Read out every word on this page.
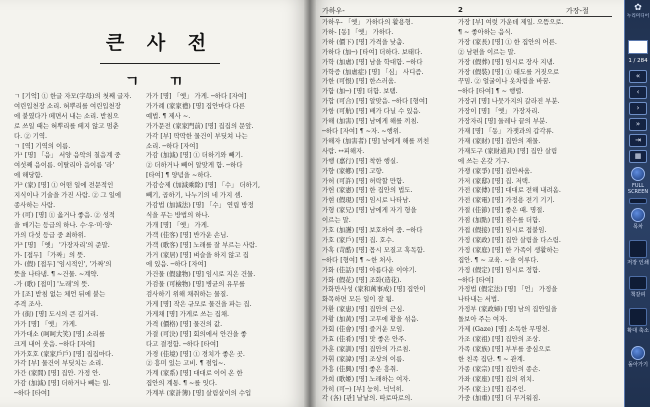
큰 사 전
ㄱ ㄲ
ㄱ [기억] ① 한글 자모(字母)의 첫째 글자.
여린입천장 소리. 혀뿌리를 여린입천장
에 붙였다가 떼면서 내는 소리. 받침으
로 쓰일 때는 혀뿌리를 떼지 않고 멈춘
다. ② 기역.
ㄱ [역] 기역의 이름.
가¹ [명] 「음」 서양 음악의 칠음계 중
여섯째 음이름. 이탈리아 음이름 '라'
에 해당함.
가² (家) [명] ① 어떤 일에 전문적인
지식이나 기술을 가진 사람. ② 그 일에
종사하는 사람.
가 (可) [명] ① 옳거나 좋음. ② 성적
을 매기는 등급의 하나. 수·우·미·양·
가의 다섯 등급 중 최하위.
가³ [명] 「옛」 '가장자리'의 준말.
가- [접두] 「가짜」의 뜻.
가- (假) [접두] '임시적인', '가짜'의
뜻을 나타냄. ¶ ~건물. ~계약.
-가 (歌) [접미] '노래'의 뜻.
가 [조] 받침 없는 체언 뒤에 붙는
주격 조사.
가 (街) [명] 도시의 큰 길거리.
가가 [명] 「옛」 가게.
가가대소 (呵呵大笑) [명] 소리를
크게 내어 웃음. ─하다 [자여]
가가호호 (家家戶戶) [명] 집집마다.
가각 [부] 물건이 부딪치는 소리.
가간 (家間) [명] 집안. 가정 안.
가감 (加減) [명] 더하거나 빼는 일.
─하다 [타여]
가가 [명] 「옛」 가게. ─하다 [자여]
가가례 (家家禮) [명] 집안마다 다른
예법. ¶ 제사 ~.
가가문전 (家家門前) [명] 집집의 문앞.
가각 [부] 딱딱한 물건이 부딪쳐 나는
소리. ─하다 [자여]
가감 (加減) [명] ① 더하기와 빼기.
② 더하거나 빼어 알맞게 함. ─하다
[타여] ¶ 양념을 ~하다.
가감승제 (加減乘除) [명] 「수」 더하기,
빼기, 곱하기, 나누기의 네 가지 셈.
가감법 (加減法) [명] 「수」 연립 방정
식을 푸는 방법의 하나.
가개 [명] 「옛」 가게.
가객 (佳客) [명] 반가운 손님.
가객 (歌客) [명] 노래를 잘 부르는 사람.
가거 (家居) [명] 벼슬을 하지 않고 집
에 있음. ─하다 [자여]
가건물 (假建物) [명] 임시로 지은 건물.
가검물 (可檢物) [명] 병균의 유무를
검사하기 위해 채취하는 물질.
가게 [명] 작은 규모로 물건을 파는 집.
가게채 [명] 가게로 쓰는 집채.
가격 (價格) [명] 물건의 값.
가결 (可決) [명] 회의에서 안건을 좋
다고 결정함. ─하다 [타여]
가경 (佳境) [명] ① 경치가 좋은 곳.
② 흥미 있는 고비. ¶ 점입~.
가계 (家系) [명] 대대로 이어 온 한
집안의 계통. ¶ ~를 잇다.
가계부 (家計簿) [명] 살림살이의 수입
가하우-	2	가장-절
가하우- 「옛」 가하다의 활용형.
가하- [동] 「옛」 가하다.
가하 (價下) [명] 가격을 낮춤.
가하다 (加─) [타여] 더하다. 보태다.
가학 (加虐) [명] 남을 학대함. ─하다
가학증 (加虐症) [명] 「심」 사디즘.
가한 (可恨) [명] 한스러움.
가함 (加─) [명] 더함. 보탬.
가합 (可合) [명] 알맞음. ─하다 [형여]
가항 (可航) [명] 배가 다닐 수 있음.
가해 (加害) [명] 남에게 해를 끼침.
─하다 [자여] ¶ ~자. ~행위.
가해자 (加害者) [명] 남에게 해를 끼친
사람. ↔피해자.
가행 (嘉行) [명] 착한 행실.
가향 (家鄕) [명] 고향.
가허 (可許) [명] 허락할 만함.
가헌 (家憲) [명] 한 집안의 법도.
가현 (假現) [명] 임시로 나타남.
가형 (家兄) [명] 남에게 자기 형을
이르는 말.
가호 (加護) [명] 보호하여 줌. ─하다
가호 (家戶) [명] 집. 호수.
가혹 (苛酷) [명] 몹시 모질고 혹독함.
─하다 [형여] ¶ ~한 처사.
가화 (佳話) [명] 아름다운 이야기.
가화 (假花) [명] 조화(造花).
가화만사성 (家和萬事成) [명] 집안이
화목하면 모든 일이 잘 됨.
가환 (家患) [명] 집안의 근심.
가황 (加黃) [명] 고무에 황을 섞음.
가회 (佳會) [명] 즐거운 모임.
가효 (佳肴) [명] 맛 좋은 안주.
가훈 (家訓) [명] 집안의 가르침.
가휘 (家諱) [명] 조상의 이름.
가흥 (佳興) [명] 좋은 흥취.
가희 (歌姬) [명] 노래하는 여자.
가히 (可─) [부] 능히. 넉넉히.
각 (各) [관] 낱낱의. 따로따로의.
가장 [부] 여럿 가운데 제일. 으뜸으로.
¶ ~ 좋아하는 음식.
가장 (家長) [명] ① 한 집안의 어른.
② 남편을 이르는 말.
가장 (假葬) [명] 임시로 장사 지냄.
가장 (假裝) [명] ① 태도를 거짓으로
꾸밈. ② 얼굴이나 옷차림을 바꿈.
─하다 [타여] ¶ ~ 행렬.
가장귀 [명] 나뭇가지의 갈라진 부분.
가장이 [명] 「옛」 가장자리.
가장자리 [명] 둘레나 끝의 부분.
가재 [명] 「동」 가잿과의 갑각류.
가재 (家財) [명] 집안의 재물.
가재도구 (家財道具) [명] 집안 살림
에 쓰는 온갖 기구.
가쟁 (家爭) [명] 집안싸움.
가저 (家邸) [명] 집. 저택.
가전 (家傳) [명] 대대로 전해 내려옴.
가전 (家電) [명] 가정용 전기 기기.
가절 (佳節) [명] 좋은 때. 명절.
가점 (加點) [명] 점수를 더함.
가접 (假接) [명] 임시로 접붙임.
가정 (家政) [명] 집안 살림을 다스림.
가정 (家庭) [명] 한 가족이 생활하는
집안. ¶ ~ 교육. ~을 이루다.
가정 (假定) [명] 임시로 정함.
─하다 [타여]
가정법 (假定法) [명] 「언」 가정을
나타내는 서법.
가정부 (家政婦) [명] 남의 집안일을
돌보아 주는 여자.
가제 (Gaze) [명] 소독한 무명천.
가조 (家祖) [명] 집안의 조상.
가족 (家族) [명] 부부를 중심으로
한 친족 집단. ¶ ~ 관계.
가종 (家宗) [명] 집안의 종손.
가좌 (家座) [명] 집의 위치.
가주 (家主) [명] 집주인.
가중 (加重) [명] 더 무거워짐.
✿
누리미디어
1 / 284
«
‹
›
»
⇥
▦
FULL SCREEN
목차
저장 인쇄
책갈피
확대 축소
돌아가기
